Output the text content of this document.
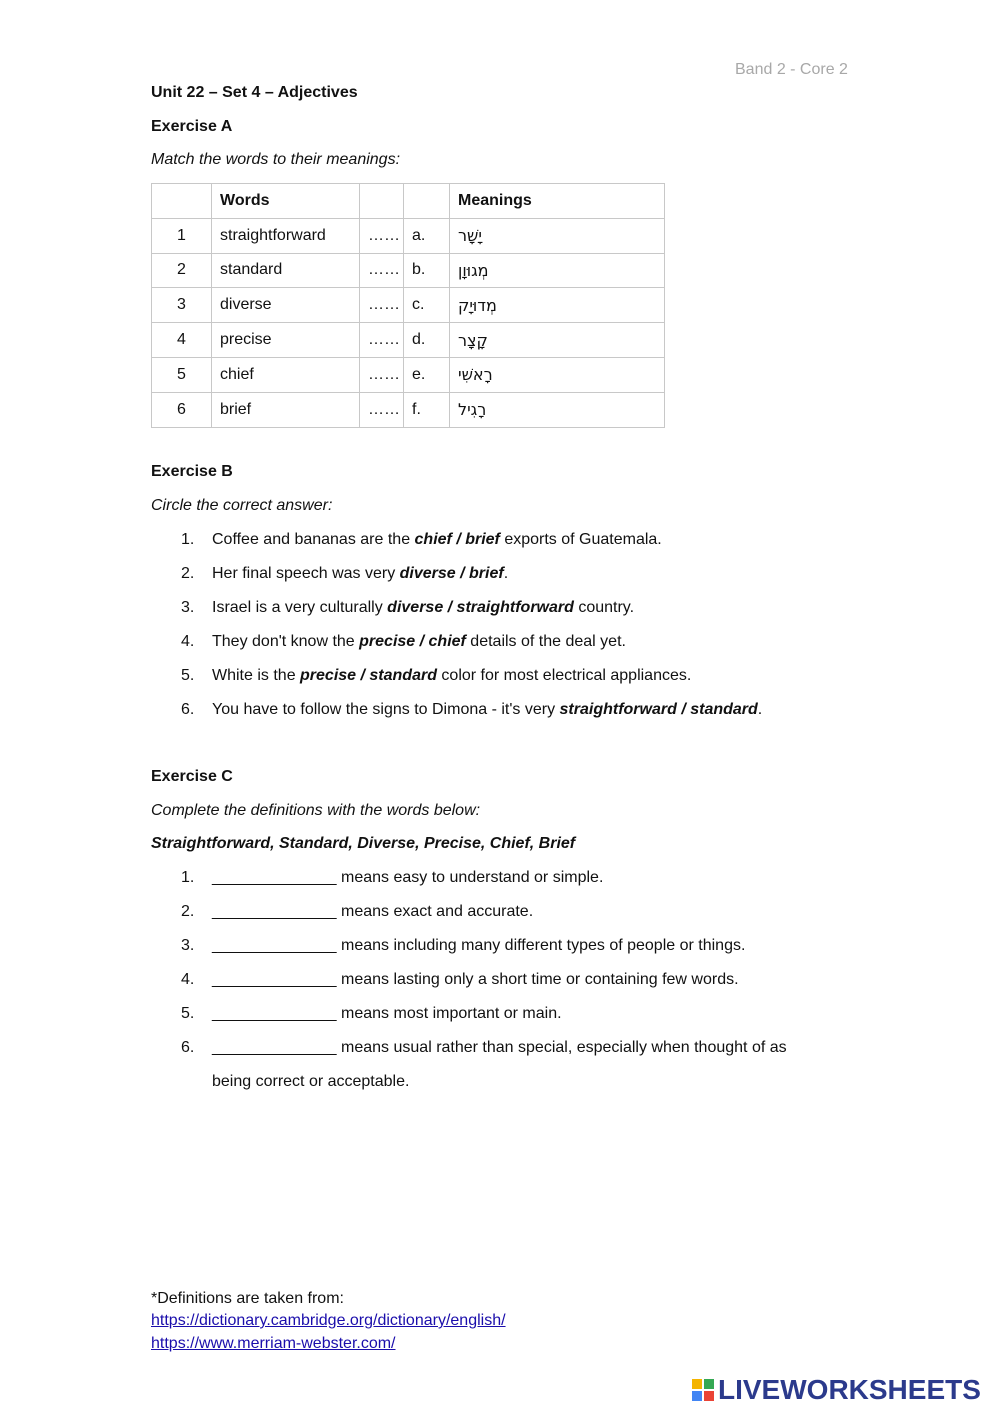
Band 2 - Core 2
Unit 22 – Set 4 – Adjectives
Exercise A
Match the words to their meanings:
	Words			Meanings
1	straightforward	……	a.	יָשָׁר
2	standard	……	b.	מְגוּוָן
3	diverse	……	c.	מְדוּיָק
4	precise	……	d.	קָצָר
5	chief	……	e.	רָאשִׁי
6	brief	……	f.	רָגִיל
Exercise B
Circle the correct answer:
1.	Coffee and bananas are the chief / brief exports of Guatemala.
2.	Her final speech was very diverse / brief.
3.	Israel is a very culturally diverse / straightforward country.
4.	They don't know the precise / chief details of the deal yet.
5.	White is the precise / standard color for most electrical appliances.
6.	You have to follow the signs to Dimona - it's very straightforward / standard.
Exercise C
Complete the definitions with the words below:
Straightforward, Standard, Diverse, Precise, Chief, Brief
1.	______________ means easy to understand or simple.
2.	______________ means exact and accurate.
3.	______________ means including many different types of people or things.
4.	______________ means lasting only a short time or containing few words.
5.	______________ means most important or main.
6.	______________ means usual rather than special, especially when thought of as
being correct or acceptable.
*Definitions are taken from:
https://dictionary.cambridge.org/dictionary/english/
https://www.merriam-webster.com/
LIVEWORKSHEETS
